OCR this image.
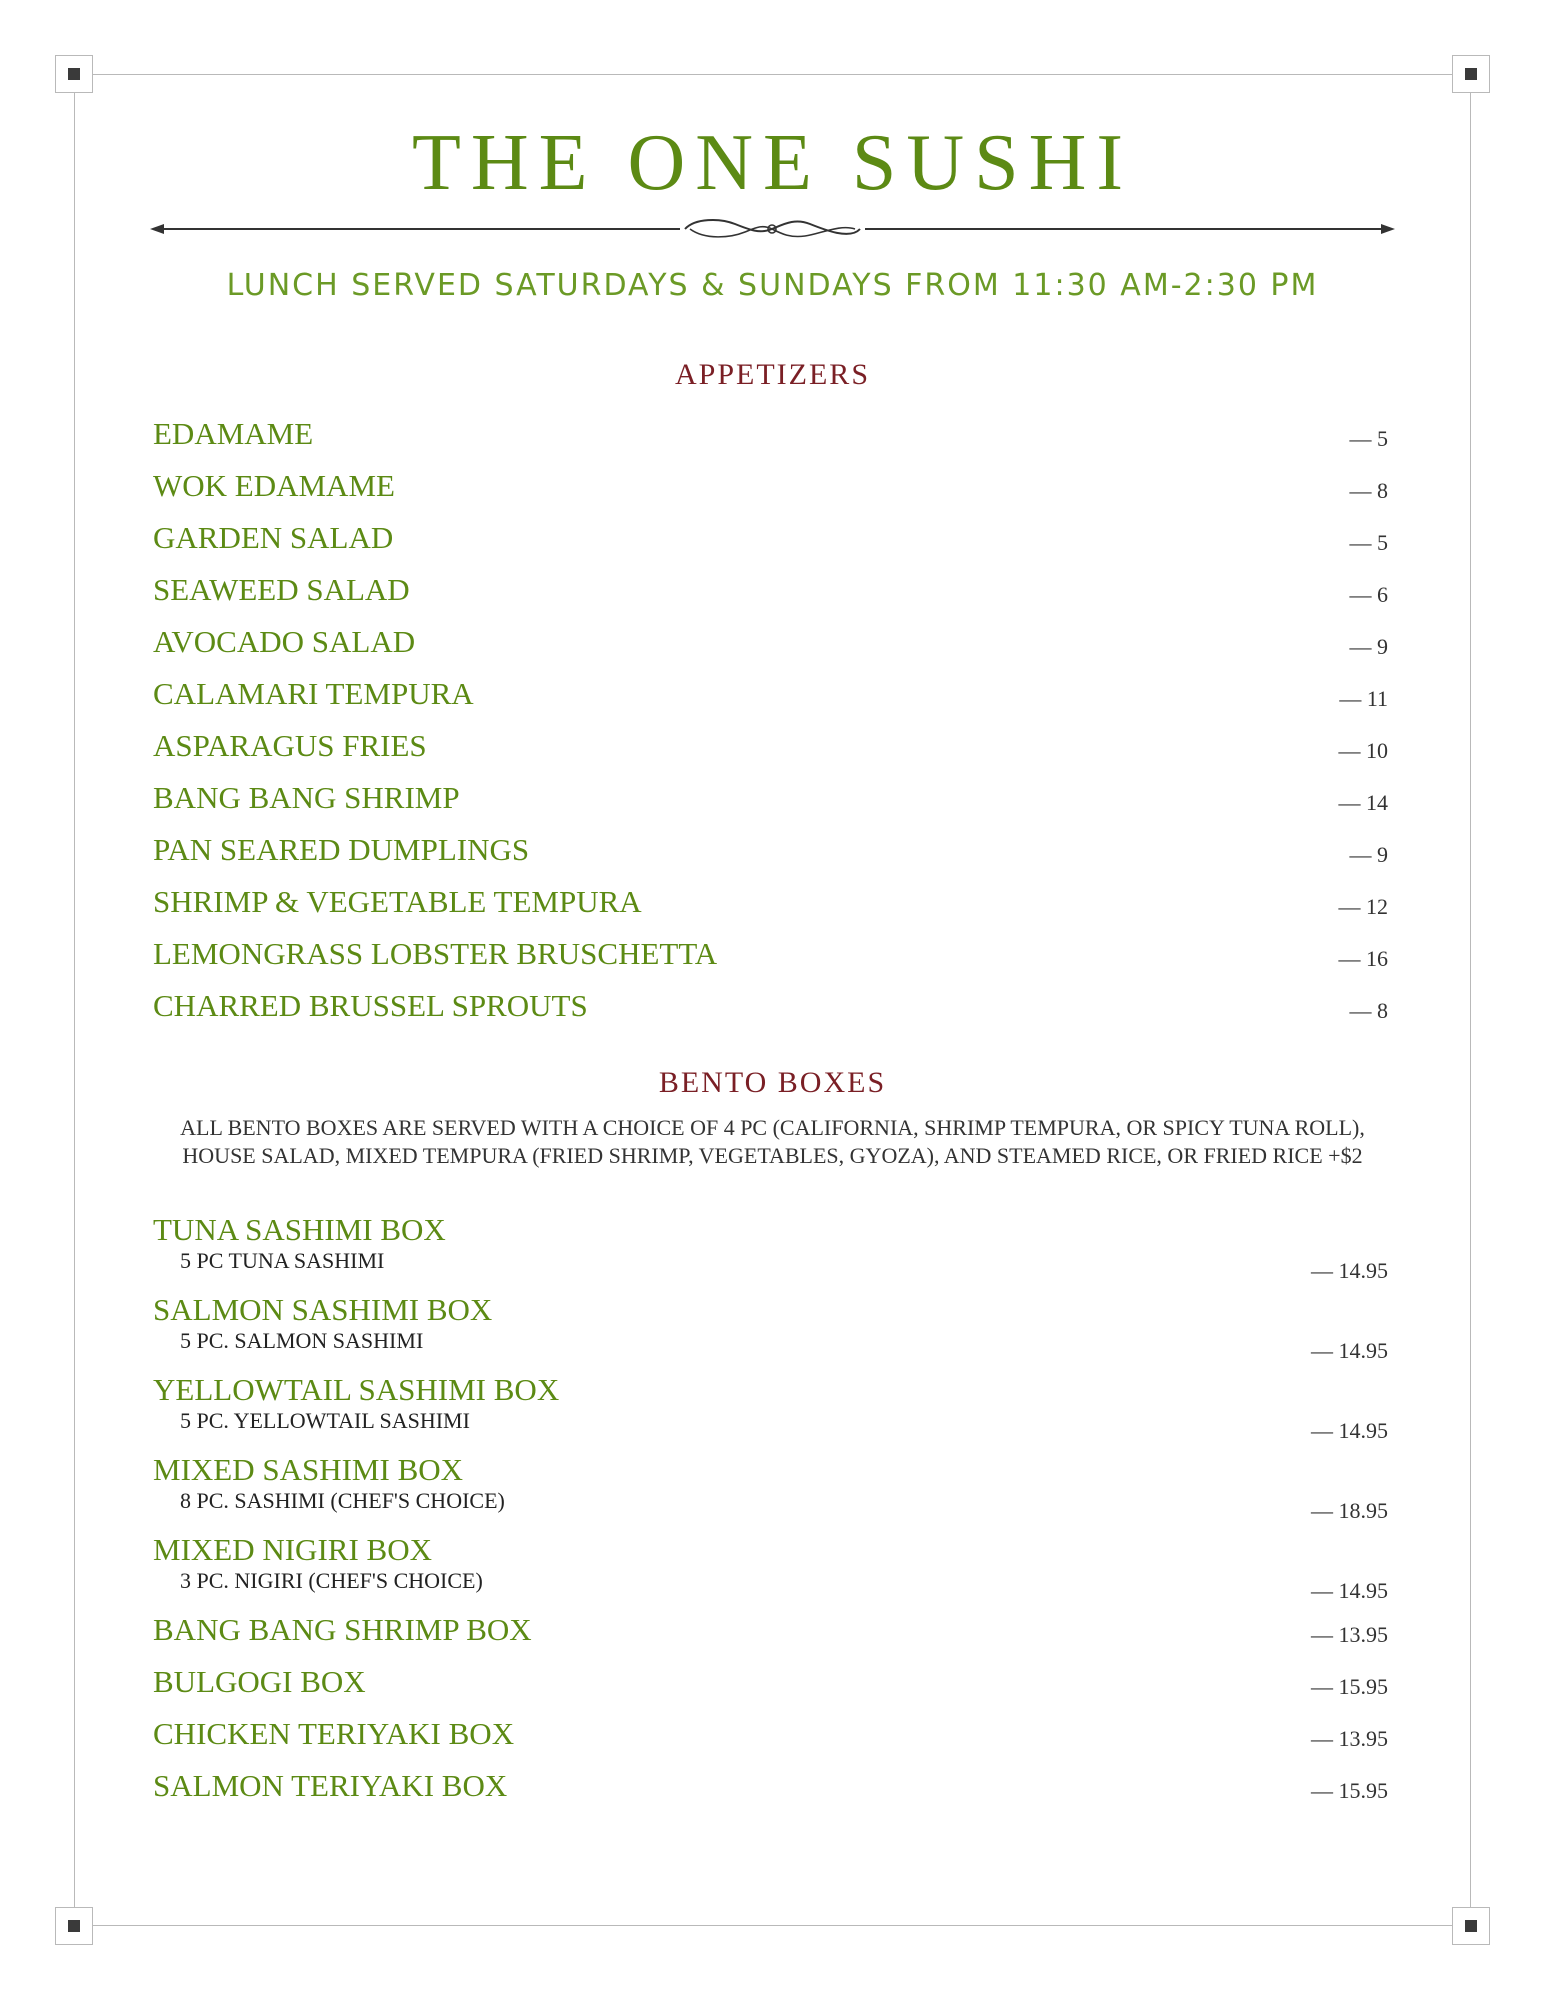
THE ONE SUSHI

LUNCH SERVED SATURDAYS & SUNDAYS FROM 11:30 AM-2:30 PM

APPETIZERS
EDAMAME	— 5
WOK EDAMAME	— 8
GARDEN SALAD	— 5
SEAWEED SALAD	— 6
AVOCADO SALAD	— 9
CALAMARI TEMPURA	— 11
ASPARAGUS FRIES	— 10
BANG BANG SHRIMP	— 14
PAN SEARED DUMPLINGS	— 9
SHRIMP & VEGETABLE TEMPURA	— 12
LEMONGRASS LOBSTER BRUSCHETTA	— 16
CHARRED BRUSSEL SPROUTS	— 8
BENTO BOXES

ALL BENTO BOXES ARE SERVED WITH A CHOICE OF 4 PC (CALIFORNIA, SHRIMP TEMPURA, OR SPICY TUNA ROLL), HOUSE SALAD, MIXED TEMPURA (FRIED SHRIMP, VEGETABLES, GYOZA), AND STEAMED RICE, OR FRIED RICE +$2

TUNA SASHIMI BOX
5 PC TUNA SASHIMI	— 14.95
SALMON SASHIMI BOX
5 PC. SALMON SASHIMI	— 14.95
YELLOWTAIL SASHIMI BOX
5 PC. YELLOWTAIL SASHIMI	— 14.95
MIXED SASHIMI BOX
8 PC. SASHIMI (CHEF'S CHOICE)	— 18.95
MIXED NIGIRI BOX
3 PC. NIGIRI (CHEF'S CHOICE)	— 14.95
BANG BANG SHRIMP BOX	— 13.95
BULGOGI BOX	— 15.95
CHICKEN TERIYAKI BOX	— 13.95
SALMON TERIYAKI BOX	— 15.95
